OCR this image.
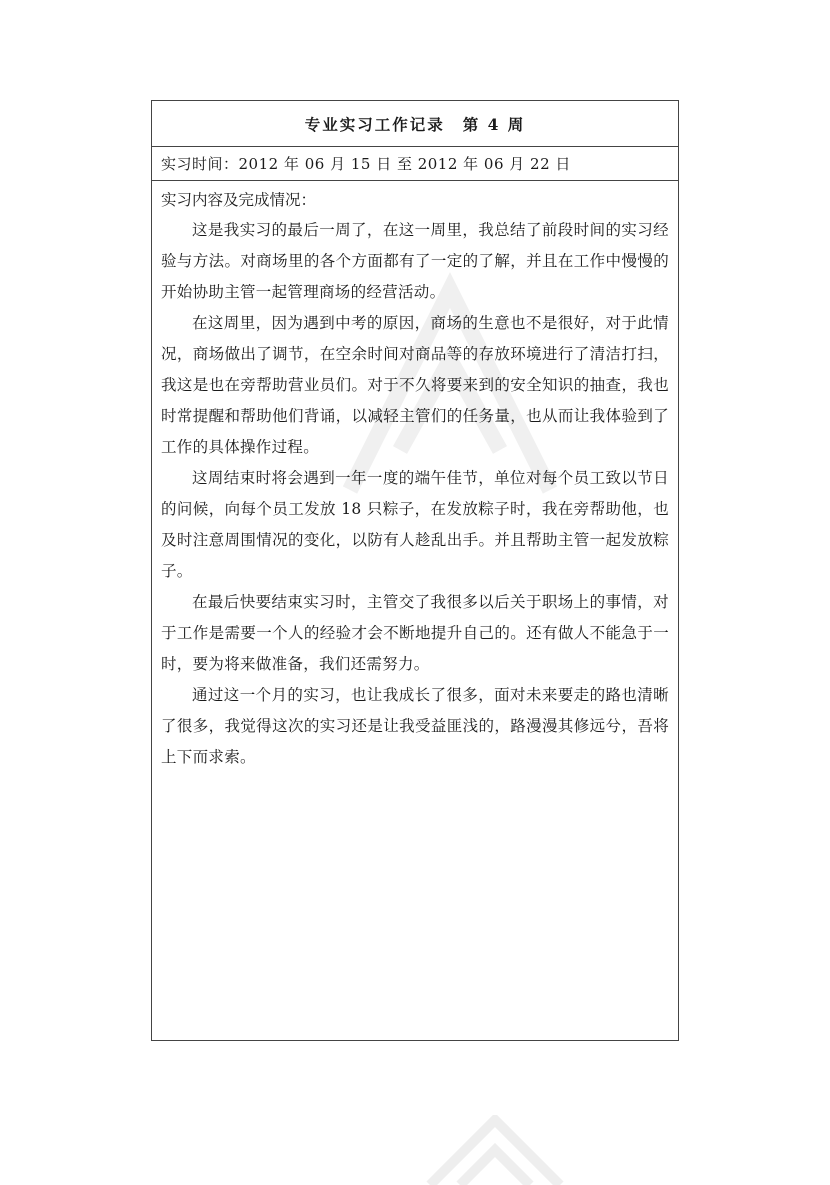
专业实习工作记录 第 4 周
实习时间：2012 年 06 月 15 日 至 2012 年 06 月 22 日
实习内容及完成情况：

这是我实习的最后一周了，在这一周里，我总结了前段时间的实习经验与方法。对商场里的各个方面都有了一定的了解，并且在工作中慢慢的开始协助主管一起管理商场的经营活动。

在这周里，因为遇到中考的原因，商场的生意也不是很好，对于此情况，商场做出了调节，在空余时间对商品等的存放环境进行了清洁打扫，我这是也在旁帮助营业员们。对于不久将要来到的安全知识的抽查，我也时常提醒和帮助他们背诵，以减轻主管们的任务量，也从而让我体验到了工作的具体操作过程。

这周结束时将会遇到一年一度的端午佳节，单位对每个员工致以节日的问候，向每个员工发放 18 只粽子，在发放粽子时，我在旁帮助他，也及时注意周围情况的变化，以防有人趁乱出手。并且帮助主管一起发放粽子。

在最后快要结束实习时，主管交了我很多以后关于职场上的事情，对于工作是需要一个人的经验才会不断地提升自己的。还有做人不能急于一时，要为将来做准备，我们还需努力。

通过这一个月的实习，也让我成长了很多，面对未来要走的路也清晰了很多，我觉得这次的实习还是让我受益匪浅的，路漫漫其修远兮，吾将上下而求索。
